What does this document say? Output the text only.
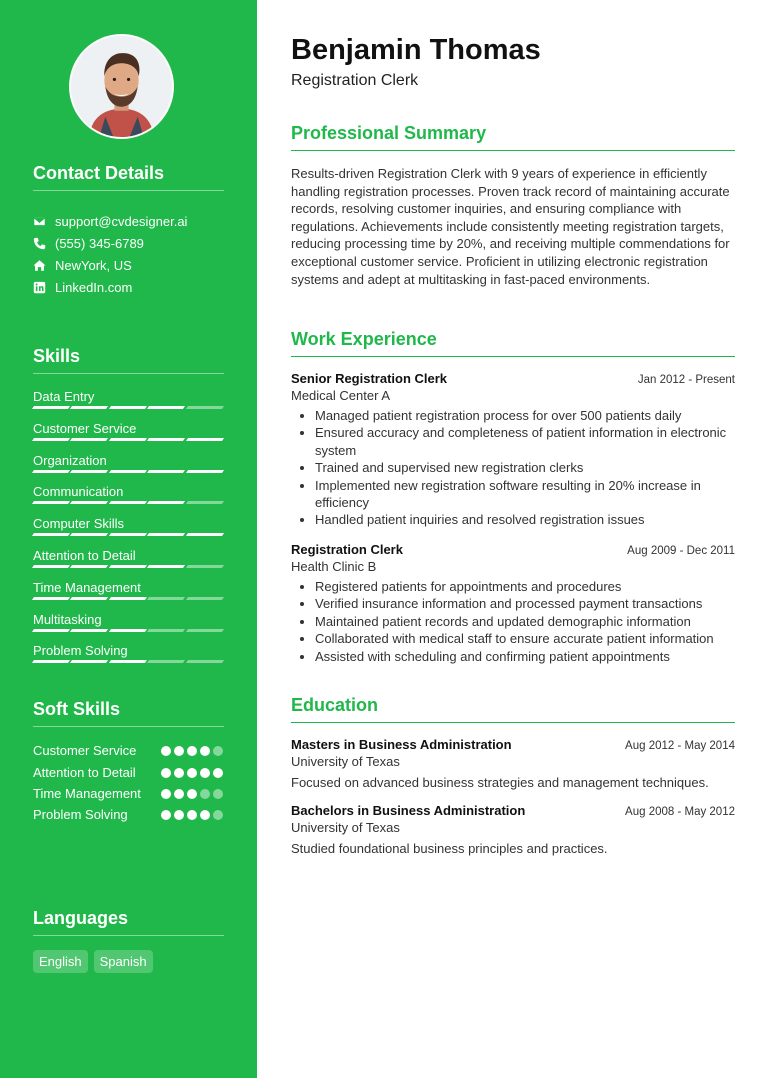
Contact Details
support@cvdesigner.ai
(555) 345-6789
NewYork, US
LinkedIn.com
Skills
Data Entry
Customer Service
Organization
Communication
Computer Skills
Attention to Detail
Time Management
Multitasking
Problem Solving
Soft Skills
Customer Service
Attention to Detail
Time Management
Problem Solving
Languages
English	Spanish
Benjamin Thomas
Registration Clerk
Professional Summary
Results-driven Registration Clerk with 9 years of experience in efficiently handling registration processes. Proven track record of maintaining accurate records, resolving customer inquiries, and ensuring compliance with regulations. Achievements include consistently meeting registration targets, reducing processing time by 20%, and receiving multiple commendations for exceptional customer service. Proficient in utilizing electronic registration systems and adept at multitasking in fast-paced environments.
Work Experience
Senior Registration Clerk	Jan 2012 - Present
Medical Center A
• Managed patient registration process for over 500 patients daily
• Ensured accuracy and completeness of patient information in electronic system
• Trained and supervised new registration clerks
• Implemented new registration software resulting in 20% increase in efficiency
• Handled patient inquiries and resolved registration issues
Registration Clerk	Aug 2009 - Dec 2011
Health Clinic B
• Registered patients for appointments and procedures
• Verified insurance information and processed payment transactions
• Maintained patient records and updated demographic information
• Collaborated with medical staff to ensure accurate patient information
• Assisted with scheduling and confirming patient appointments
Education
Masters in Business Administration	Aug 2012 - May 2014
University of Texas

Focused on advanced business strategies and management techniques.

Bachelors in Business Administration	Aug 2008 - May 2012
University of Texas

Studied foundational business principles and practices.
